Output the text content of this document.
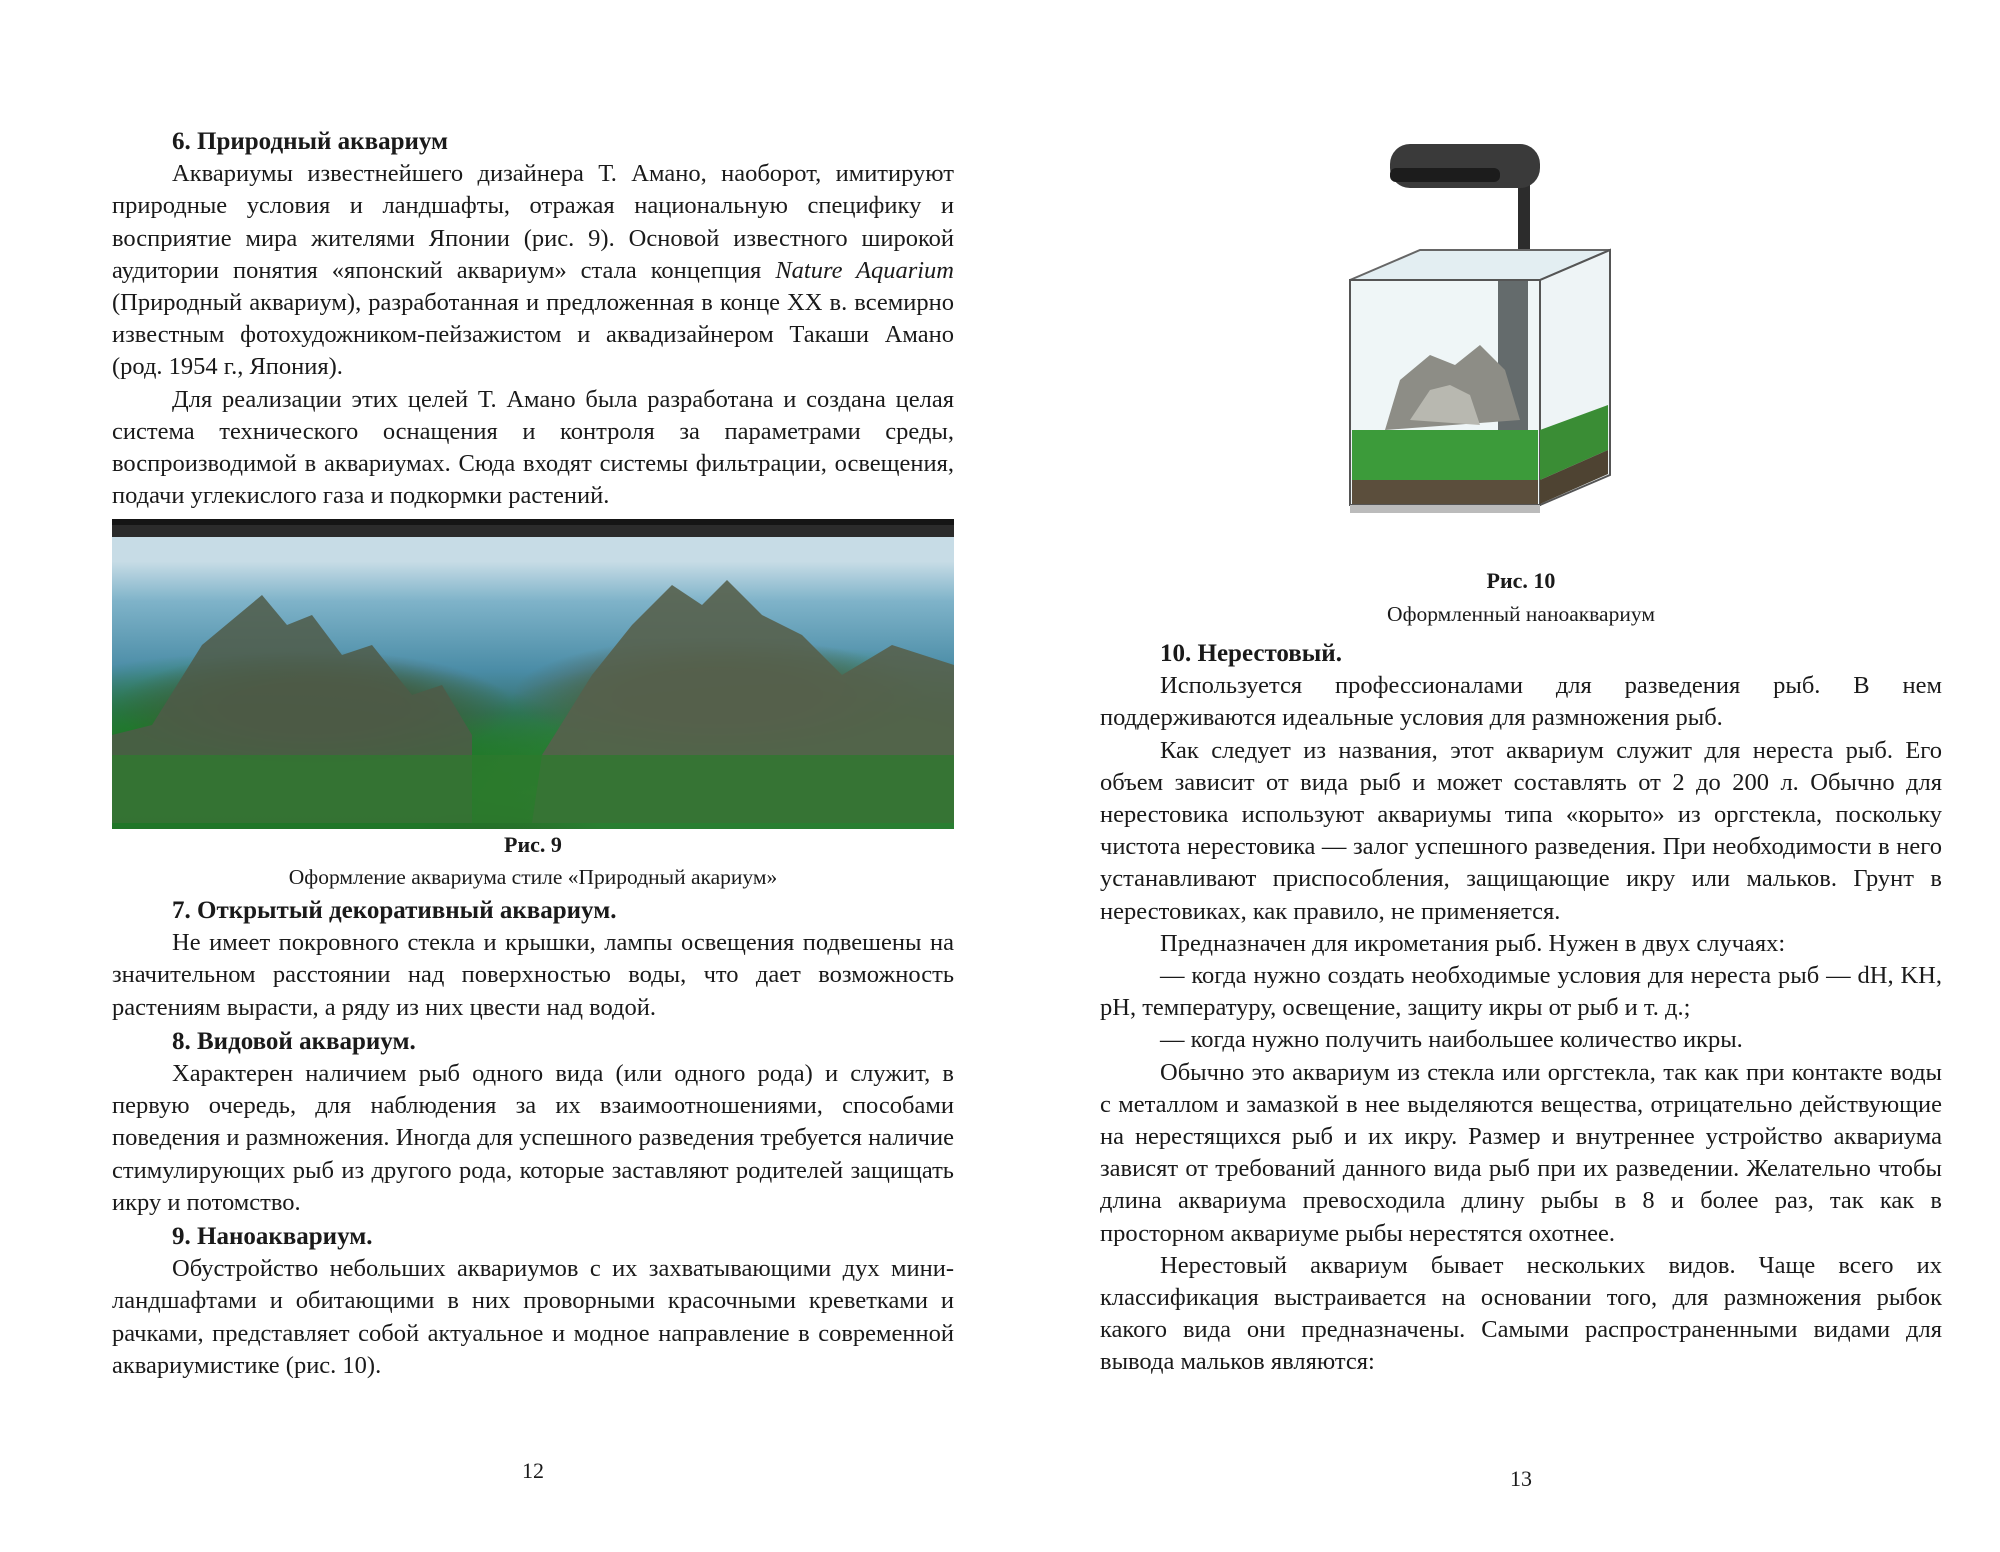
6. Природный аквариум

Аквариумы известнейшего дизайнера Т. Амано, наоборот, имитируют природные условия и ландшафты, отражая национальную специфику и восприятие мира жителями Японии (рис. 9). Основой известного широкой аудитории понятия «японский аквариум» стала концепция Nature Aquarium (Природный аквариум), разработанная и предложенная в конце XX в. всемирно известным фотохудожником-пейзажистом и аквадизайнером Такаши Амано (род. 1954 г., Япония).

Для реализации этих целей Т. Амано была разработана и создана целая система технического оснащения и контроля за параметрами среды, воспроизводимой в аквариумах. Сюда входят системы фильтрации, освещения, подачи углекислого газа и подкормки растений.

Рис. 9
Оформление аквариума стиле «Природный акариум»
7. Открытый декоративный аквариум.

Не имеет покровного стекла и крышки, лампы освещения подвешены на значительном расстоянии над поверхностью воды, что дает возможность растениям вырасти, а ряду из них цвести над водой.

8. Видовой аквариум.

Характерен наличием рыб одного вида (или одного рода) и служит, в первую очередь, для наблюдения за их взаимоотношениями, способами поведения и размножения. Иногда для успешного разведения требуется наличие стимулирующих рыб из другого рода, которые заставляют родителей защищать икру и потомство.

9. Наноаквариум.

Обустройство небольших аквариумов с их захватывающими дух мини-ландшафтами и обитающими в них проворными красочными креветками и рачками, представляет собой актуальное и модное направление в современной аквариумистике (рис. 10).

12
Рис. 10
Оформленный наноаквариум
10. Нерестовый.

Используется профессионалами для разведения рыб. В нем поддерживаются идеальные условия для размножения рыб.

Как следует из названия, этот аквариум служит для нереста рыб. Его объем зависит от вида рыб и может составлять от 2 до 200 л. Обычно для нерестовика используют аквариумы типа «корыто» из оргстекла, поскольку чистота нерестовика — залог успешного разведения. При необходимости в него устанавливают приспособления, защищающие икру или мальков. Грунт в нерестовиках, как правило, не применяется.

Предназначен для икрометания рыб. Нужен в двух случаях:

— когда нужно создать необходимые условия для нереста рыб — dH, KH, pH, температуру, освещение, защиту икры от рыб и т. д.;

— когда нужно получить наибольшее количество икры.

Обычно это аквариум из стекла или оргстекла, так как при контакте воды с металлом и замазкой в нее выделяются вещества, отрицательно действующие на нерестящихся рыб и их икру. Размер и внутреннее устройство аквариума зависят от требований данного вида рыб при их разведении. Желательно чтобы длина аквариума превосходила длину рыбы в 8 и более раз, так как в просторном аквариуме рыбы нерестятся охотнее.

Нерестовый аквариум бывает нескольких видов. Чаще всего их классификация выстраивается на основании того, для размножения рыбок какого вида они предназначены. Самыми распространенными видами для вывода мальков являются:

13
